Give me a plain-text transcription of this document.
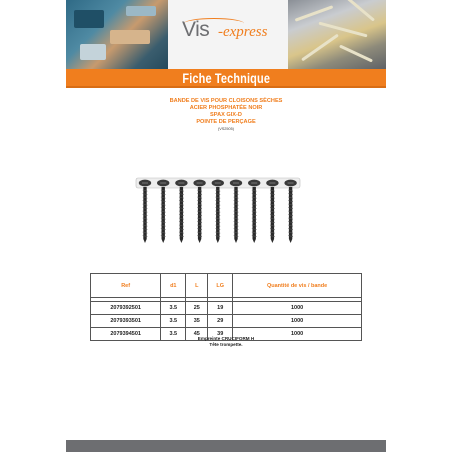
Vis -express
Fiche Technique
BANDE DE VIS POUR CLOISONS SÈCHES
ACIER PHOSPHATÉE NOIR
SPAX GIX-D
POINTE DE PERÇAGE
(VS2505)
Ref	d1	L	LG	Quantité de vis / bande

2079392501	3.5	25	19	1000
2079393501	3.5	35	29	1000
2079394501	3.5	45	39	1000
Empreinte CRUCIFORM H
Tête trompette.
